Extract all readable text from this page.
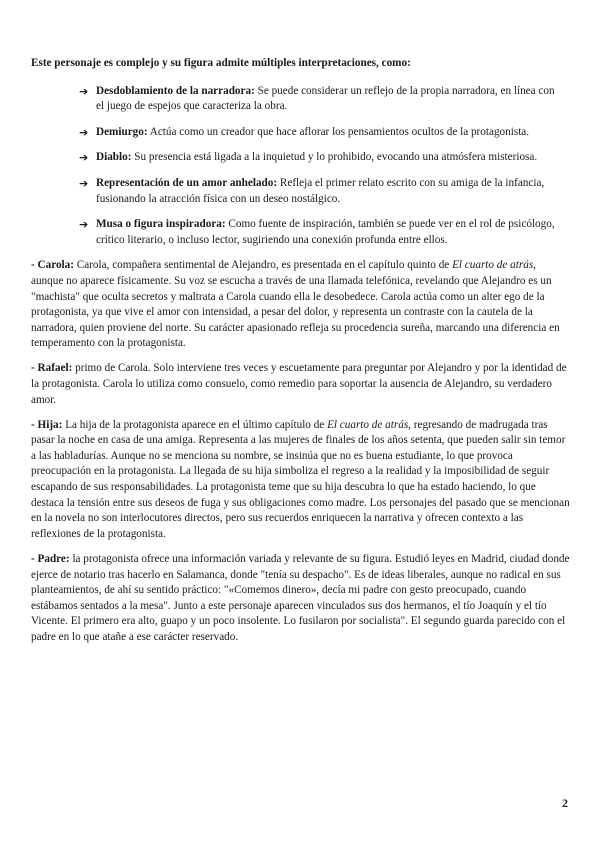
Este personaje es complejo y su figura admite múltiples interpretaciones, como:

➔ Desdoblamiento de la narradora: Se puede considerar un reflejo de la propia narradora, en línea con el juego de espejos que caracteriza la obra.
➔ Demiurgo: Actúa como un creador que hace aflorar los pensamientos ocultos de la protagonista.
➔ Diablo: Su presencia está ligada a la inquietud y lo prohibido, evocando una atmósfera misteriosa.
➔ Representación de un amor anhelado: Refleja el primer relato escrito con su amiga de la infancia, fusionando la atracción física con un deseo nostálgico.
➔ Musa o figura inspiradora: Como fuente de inspiración, también se puede ver en el rol de psicólogo, crítico literario, o incluso lector, sugiriendo una conexión profunda entre ellos.

- Carola: Carola, compañera sentimental de Alejandro, es presentada en el capítulo quinto de El cuarto de atrás, aunque no aparece físicamente. Su voz se escucha a través de una llamada telefónica, revelando que Alejandro es un "machista" que oculta secretos y maltrata a Carola cuando ella le desobedece. Carola actúa como un alter ego de la protagonista, ya que vive el amor con intensidad, a pesar del dolor, y representa un contraste con la cautela de la narradora, quien proviene del norte. Su carácter apasionado refleja su procedencia sureña, marcando una diferencia en temperamento con la protagonista.

- Rafael: primo de Carola. Solo interviene tres veces y escuetamente para preguntar por Alejandro y por la identidad de la protagonista. Carola lo utiliza como consuelo, como remedio para soportar la ausencia de Alejandro, su verdadero amor.

- Hija: La hija de la protagonista aparece en el último capítulo de El cuarto de atrás, regresando de madrugada tras pasar la noche en casa de una amiga. Representa a las mujeres de finales de los años setenta, que pueden salir sin temor a las habladurías. Aunque no se menciona su nombre, se insinúa que no es buena estudiante, lo que provoca preocupación en la protagonista. La llegada de su hija simboliza el regreso a la realidad y la imposibilidad de seguir escapando de sus responsabilidades. La protagonista teme que su hija descubra lo que ha estado haciendo, lo que destaca la tensión entre sus deseos de fuga y sus obligaciones como madre. Los personajes del pasado que se mencionan en la novela no son interlocutores directos, pero sus recuerdos enriquecen la narrativa y ofrecen contexto a las reflexiones de la protagonista.

- Padre: la protagonista ofrece una información variada y relevante de su figura. Estudió leyes en Madrid, ciudad donde ejerce de notario tras hacerlo en Salamanca, donde "tenía su despacho". Es de ideas liberales, aunque no radical en sus planteamientos, de ahí su sentido práctico: "«Comemos dinero», decía mi padre con gesto preocupado, cuando estábamos sentados a la mesa". Junto a este personaje aparecen vinculados sus dos hermanos, el tío Joaquín y el tío Vicente. El primero era alto, guapo y un poco insolente. Lo fusilaron por socialista". El segundo guarda parecido con el padre en lo que atañe a ese carácter reservado.

2
